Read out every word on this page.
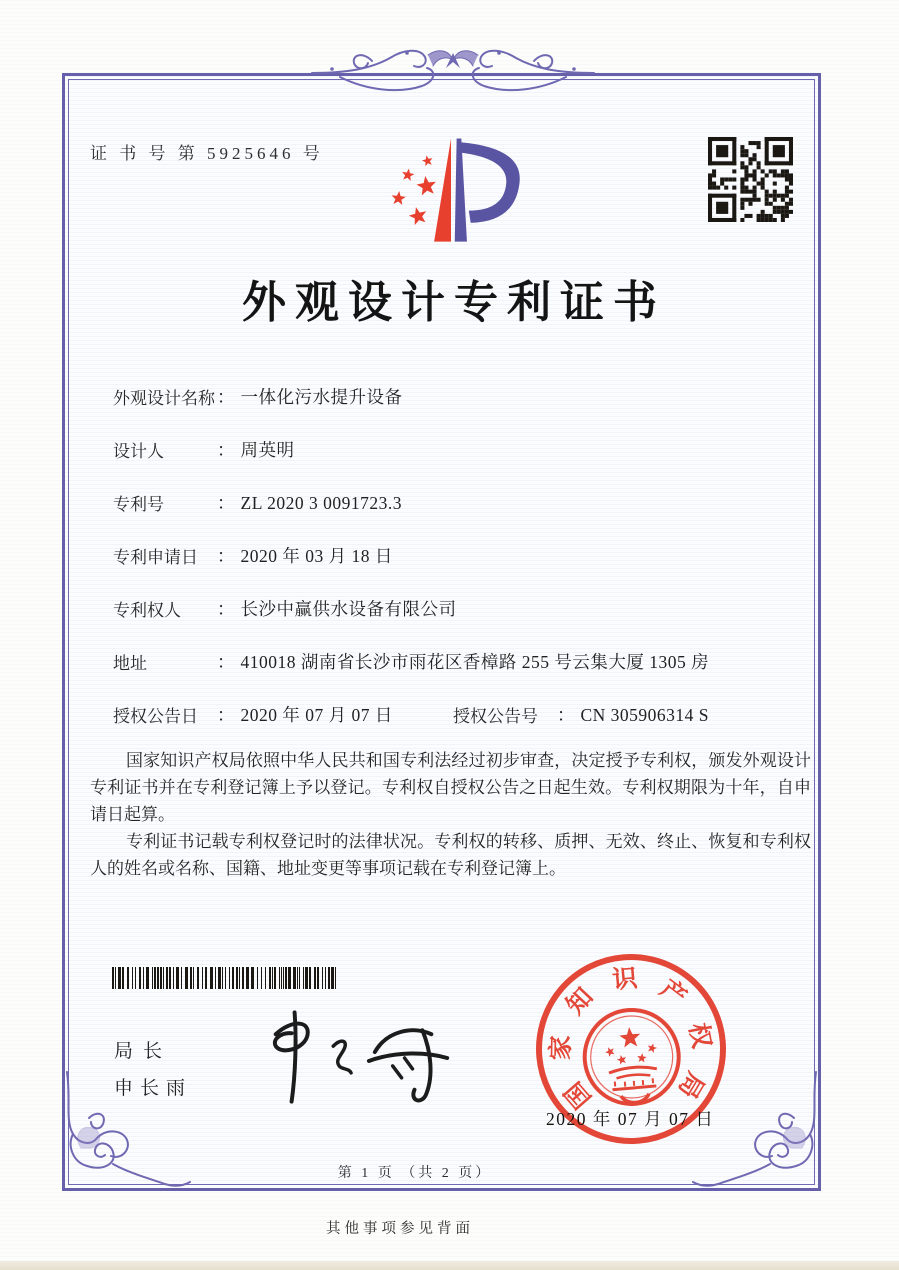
证 书 号 第 5925646 号
外观设计专利证书
外观设计名称 ： 一体化污水提升设备
设计人	： 周英明
专利号	： ZL 2020 3 0091723.3
专利申请日 ： 2020 年 03 月 18 日
专利权人 ： 长沙中赢供水设备有限公司
地址	： 410018 湖南省长沙市雨花区香樟路 255 号云集大厦 1305 房
授权公告日 ： 2020 年 07 月 07 日	授权公告号 ： CN 305906314 S

国家知识产权局依照中华人民共和国专利法经过初步审查，决定授予专利权，颁发外观设计专利证书并在专利登记簿上予以登记。专利权自授权公告之日起生效。专利权期限为十年，自申请日起算。

专利证书记载专利权登记时的法律状况。专利权的转移、质押、无效、终止、恢复和专利权人的姓名或名称、国籍、地址变更等事项记载在专利登记簿上。

局长
申长雨	国
家
知
识 产
权
局
2020 年 07 月 07 日
第 1 页 （共 2 页）
其他事项参见背面
